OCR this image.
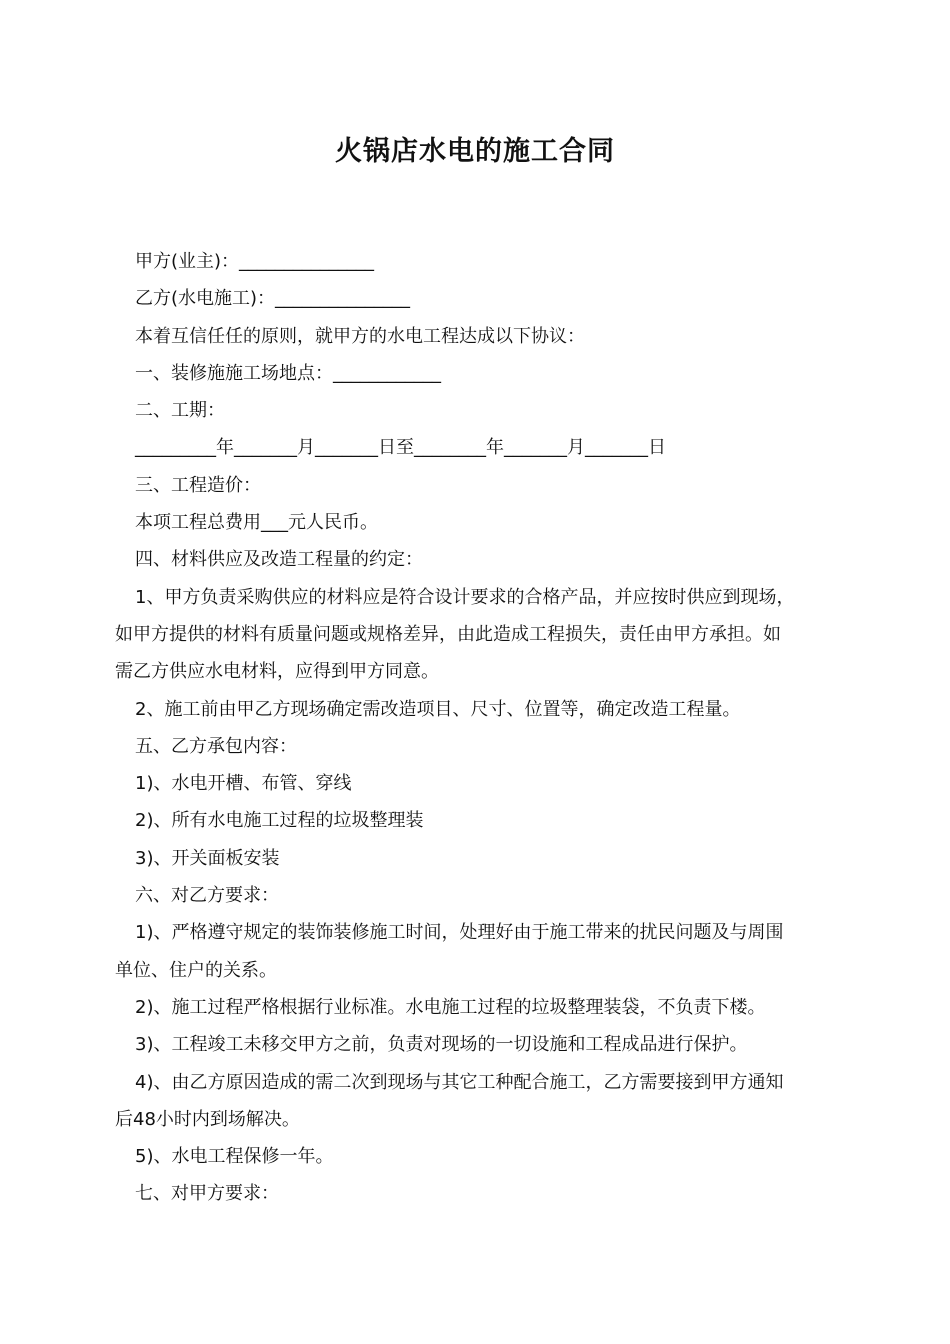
火锅店水电的施工合同

甲方(业主)：_______________

乙方(水电施工)：_______________

本着互信任任的原则，就甲方的水电工程达成以下协议：

一、装修施施工场地点：____________

二、工期：

_________年_______月_______日至________年_______月_______日

三、工程造价：

本项工程总费用___元人民币。

四、材料供应及改造工程量的约定：

1、甲方负责采购供应的材料应是符合设计要求的合格产品，并应按时供应到现场，

如甲方提供的材料有质量问题或规格差异，由此造成工程损失，责任由甲方承担。如

需乙方供应水电材料，应得到甲方同意。

2、施工前由甲乙方现场确定需改造项目、尺寸、位置等，确定改造工程量。

五、乙方承包内容：

1)、水电开槽、布管、穿线

2)、所有水电施工过程的垃圾整理装

3)、开关面板安装

六、对乙方要求：

1)、严格遵守规定的装饰装修施工时间，处理好由于施工带来的扰民问题及与周围

单位、住户的关系。

2)、施工过程严格根据行业标准。水电施工过程的垃圾整理装袋，不负责下楼。

3)、工程竣工未移交甲方之前，负责对现场的一切设施和工程成品进行保护。

4)、由乙方原因造成的需二次到现场与其它工种配合施工，乙方需要接到甲方通知

后48小时内到场解决。

5)、水电工程保修一年。

七、对甲方要求：
